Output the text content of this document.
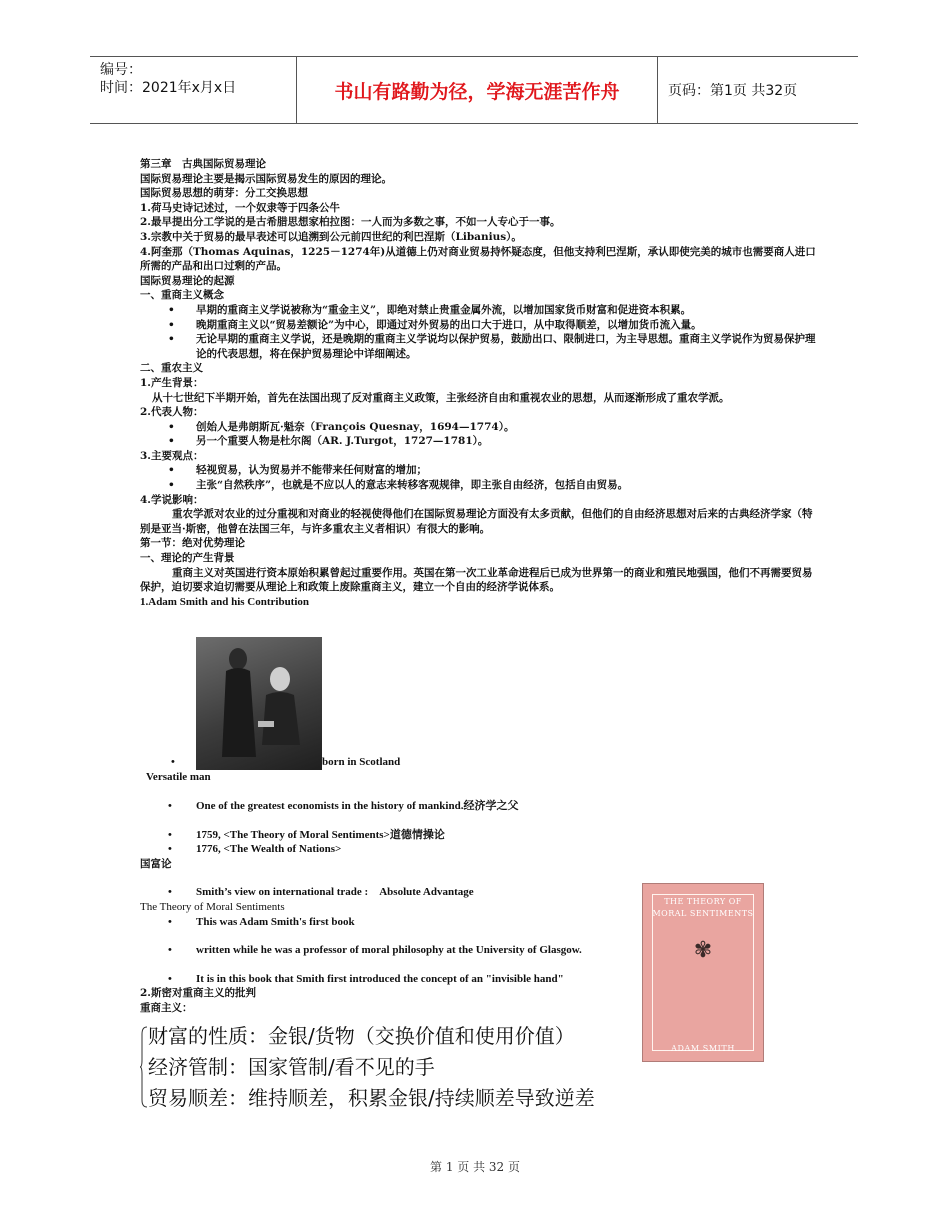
编号：
时间：2021年x月x日	书山有路勤为径，学海无涯苦作舟	页码：第1页 共32页
第三章　古典国际贸易理论
国际贸易理论主要是揭示国际贸易发生的原因的理论。
国际贸易思想的萌芽：分工交换思想
1.荷马史诗记述过，一个奴隶等于四条公牛
2.最早提出分工学说的是古希腊思想家柏拉图：一人而为多数之事，不如一人专心于一事。
3.宗教中关于贸易的最早表述可以追溯到公元前四世纪的利巴涅斯（Libanius）。
4.阿奎那（Thomas Aquinas，1225－1274年)从道德上仍对商业贸易持怀疑态度，但他支持利巴涅斯，承认即使完美的城市也需要商人进口所需的产品和出口过剩的产品。
国际贸易理论的起源
一、重商主义概念
• 早期的重商主义学说被称为“重金主义”，即绝对禁止贵重金属外流，以增加国家货币财富和促进资本积累。
• 晚期重商主义以“贸易差额论”为中心，即通过对外贸易的出口大于进口，从中取得顺差，以增加货币流入量。
• 无论早期的重商主义学说，还是晚期的重商主义学说均以保护贸易，鼓励出口、限制进口，为主导思想。重商主义学说作为贸易保护理论的代表思想，将在保护贸易理论中详细阐述。
二、重农主义
1.产生背景：
从十七世纪下半期开始，首先在法国出现了反对重商主义政策，主张经济自由和重视农业的思想，从而逐渐形成了重农学派。
2.代表人物：
• 创始人是弗朗斯瓦·魁奈（François Quesnay，1694—1774）。
• 另一个重要人物是杜尔阁（AR. J.Turgot，1727—1781）。
3.主要观点：
• 轻视贸易，认为贸易并不能带来任何财富的增加；
• 主张“自然秩序”，也就是不应以人的意志来转移客观规律，即主张自由经济，包括自由贸易。
4.学说影响：
重农学派对农业的过分重视和对商业的轻视使得他们在国际贸易理论方面没有太多贡献，但他们的自由经济思想对后来的古典经济学家（特别是亚当·斯密，他曾在法国三年，与许多重农主义者相识）有很大的影响。
第一节：绝对优势理论
一、理论的产生背景
重商主义对英国进行资本原始积累曾起过重要作用。英国在第一次工业革命进程后已成为世界第一的商业和殖民地强国，他们不再需要贸易保护，迫切要求迫切需要从理论上和政策上废除重商主义，建立一个自由的经济学说体系。
1.Adam Smith and his Contribution
•	born in Scotland
Versatile man
• One of the greatest economists in the history of mankind.经济学之父
• 1759, <The Theory of Moral Sentiments>道德情操论
• 1776, <The Wealth of Nations>
国富论
• Smith’s view on international trade :　Absolute Advantage
The Theory of Moral Sentiments
• This was Adam Smith's first book
• written while he was a professor of moral philosophy at the University of Glasgow.
• It is in this book that Smith first introduced the concept of an "invisible hand"
2.斯密对重商主义的批判
重商主义：
THE THEORY OF
MORAL SENTIMENTS
✾
ADAM SMITH
财富的性质：金银/货物（交换价值和使用价值）
经济管制：国家管制/看不见的手
贸易顺差：维持顺差，积累金银/持续顺差导致逆差
第 1 页 共 32 页
